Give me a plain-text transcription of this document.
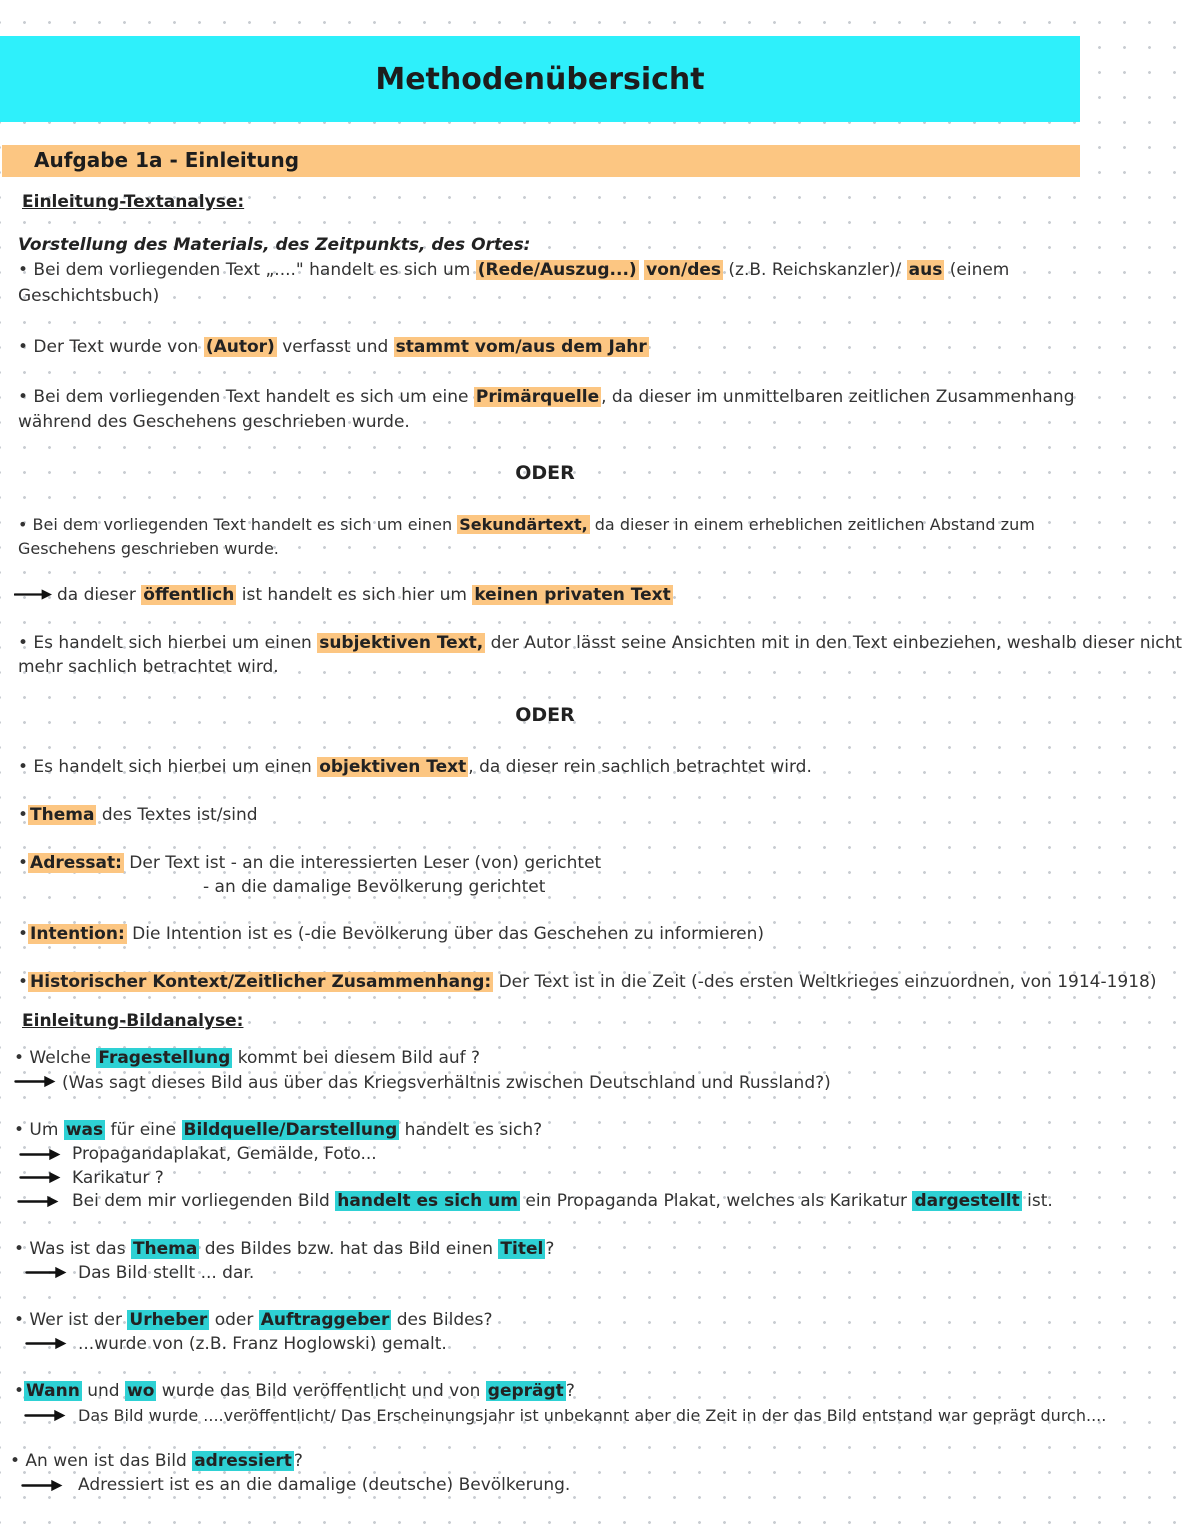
Methodenübersicht
Aufgabe 1a - Einleitung

Einleitung-Textanalyse:

Vorstellung des Materials, des Zeitpunkts, des Ortes:

• Bei dem vorliegenden Text „...." handelt es sich um (Rede/Auszug...) von/des (z.B. Reichskanzler)/ aus (einem

Geschichtsbuch)

• Der Text wurde von (Autor) verfasst und stammt vom/aus dem Jahr

• Bei dem vorliegenden Text handelt es sich um eine Primärquelle , da dieser im unmittelbaren zeitlichen Zusammenhang

während des Geschehens geschrieben wurde.

ODER

• Bei dem vorliegenden Text handelt es sich um einen Sekundärtext, da dieser in einem erheblichen zeitlichen Abstand zum

Geschehens geschrieben wurde.

da dieser öffentlich ist handelt es sich hier um keinen privaten Text

• Es handelt sich hierbei um einen subjektiven Text, der Autor lässt seine Ansichten mit in den Text einbeziehen, weshalb dieser nicht

mehr sachlich betrachtet wird.

ODER

• Es handelt sich hierbei um einen objektiven Text , da dieser rein sachlich betrachtet wird.

• Thema des Textes ist/sind

• Adressat: Der Text ist - an die interessierten Leser (von) gerichtet

- an die damalige Bevölkerung gerichtet

• Intention: Die Intention ist es (-die Bevölkerung über das Geschehen zu informieren)

• Historischer Kontext/Zeitlicher Zusammenhang: Der Text ist in die Zeit (-des ersten Weltkrieges einzuordnen, von 1914-1918)

Einleitung-Bildanalyse:

• Welche Fragestellung kommt bei diesem Bild auf ?

(Was sagt dieses Bild aus über das Kriegsverhältnis zwischen Deutschland und Russland?)

• Um was für eine Bildquelle/Darstellung handelt es sich?

Propagandaplakat, Gemälde, Foto...

Karikatur ?

Bei dem mir vorliegenden Bild handelt es sich um ein Propaganda Plakat, welches als Karikatur dargestellt ist.

• Was ist das Thema des Bildes bzw. hat das Bild einen Titel ?

Das Bild stellt ... dar.

• Wer ist der Urheber oder Auftraggeber des Bildes?

...wurde von (z.B. Franz Hoglowski) gemalt.

• Wann und wo wurde das Bild veröffentlicht und von geprägt ?

Das Bild wurde ....veröffentlicht/ Das Erscheinungsjahr ist unbekannt aber die Zeit in der das Bild entstand war geprägt durch....

• An wen ist das Bild adressiert ?

Adressiert ist es an die damalige (deutsche) Bevölkerung.
